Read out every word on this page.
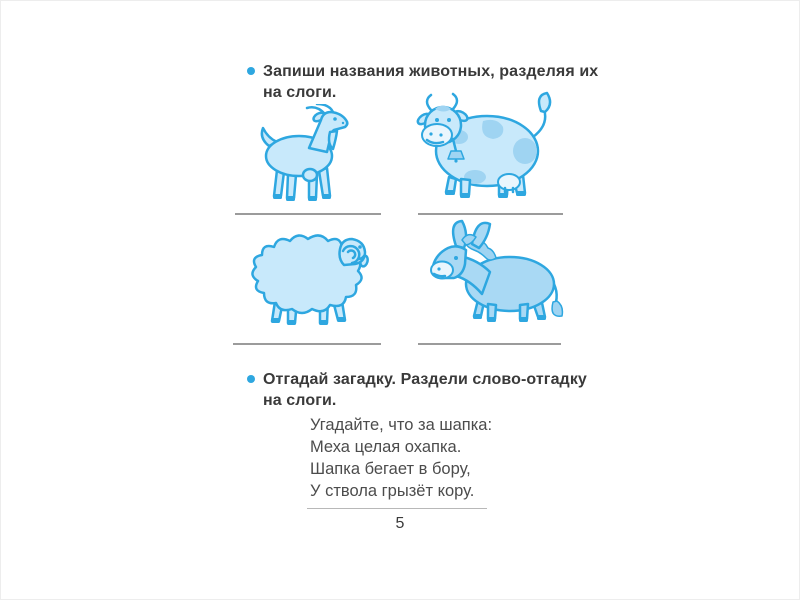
Запиши названия животных, разделяя их
на слоги.
Отгадай загадку. Раздели слово-отгадку
на слоги.
Угадайте, что за шапка:
Меха целая охапка.
Шапка бегает в бору,
У ствола грызёт кору.
5
